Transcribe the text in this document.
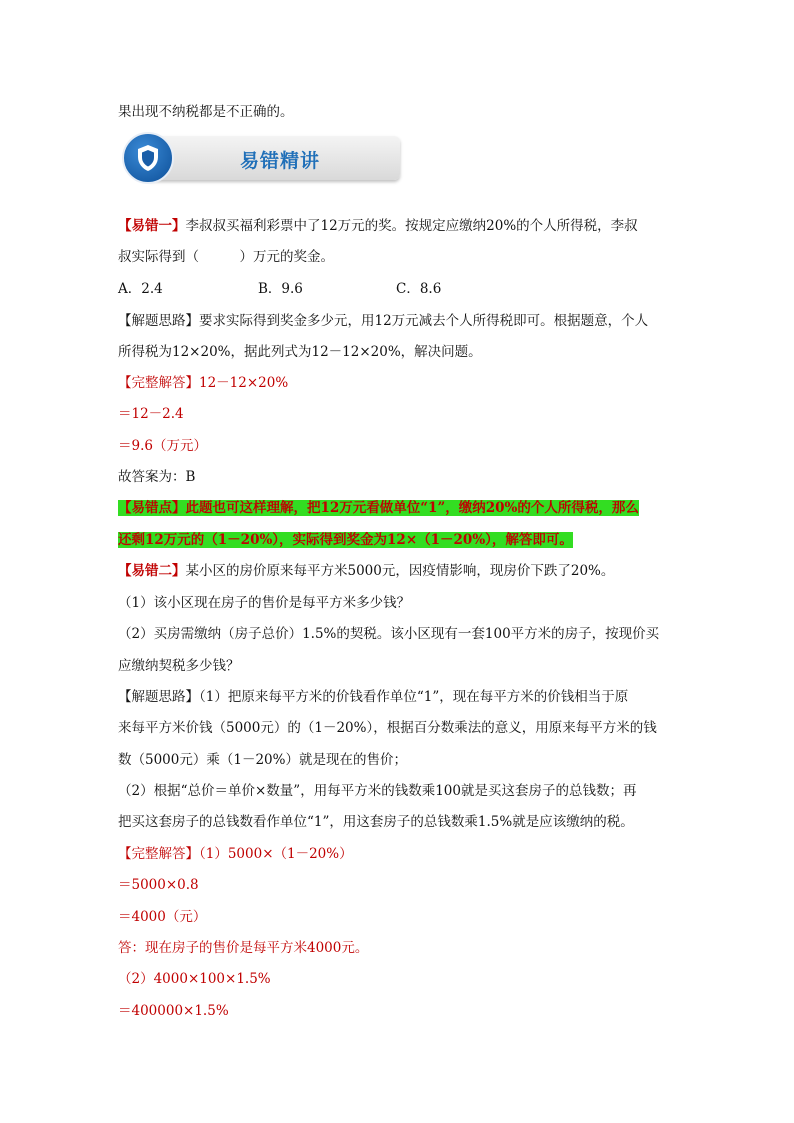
果出现不纳税都是不正确的。
易错精讲
【易错一】李叔叔买福利彩票中了12万元的奖。按规定应缴纳20%的个人所得税，李叔
叔实际得到（　　　）万元的奖金。
A．2.4	B．9.6	C．8.6
【解题思路】要求实际得到奖金多少元，用12万元减去个人所得税即可。根据题意，个人
所得税为12×20%，据此列式为12－12×20%，解决问题。
【完整解答】12－12×20%
＝12－2.4
＝9.6（万元）
故答案为：B
【易错点】此题也可这样理解，把12万元看做单位“1”，缴纳20%的个人所得税，那么
还剩12万元的（1－20%），实际得到奖金为12×（1－20%），解答即可。
【易错二】某小区的房价原来每平方米5000元，因疫情影响，现房价下跌了20%。
（1）该小区现在房子的售价是每平方米多少钱？
（2）买房需缴纳（房子总价）1.5%的契税。该小区现有一套100平方米的房子，按现价买
应缴纳契税多少钱？
【解题思路】（1）把原来每平方米的价钱看作单位“1”，现在每平方米的价钱相当于原
来每平方米价钱（5000元）的（1－20%），根据百分数乘法的意义，用原来每平方米的钱
数（5000元）乘（1－20%）就是现在的售价；
（2）根据“总价＝单价×数量”，用每平方米的钱数乘100就是买这套房子的总钱数；再
把买这套房子的总钱数看作单位“1”，用这套房子的总钱数乘1.5%就是应该缴纳的税。
【完整解答】（1）5000×（1－20%）
＝5000×0.8
＝4000（元）
答：现在房子的售价是每平方米4000元。
（2）4000×100×1.5%
＝400000×1.5%
